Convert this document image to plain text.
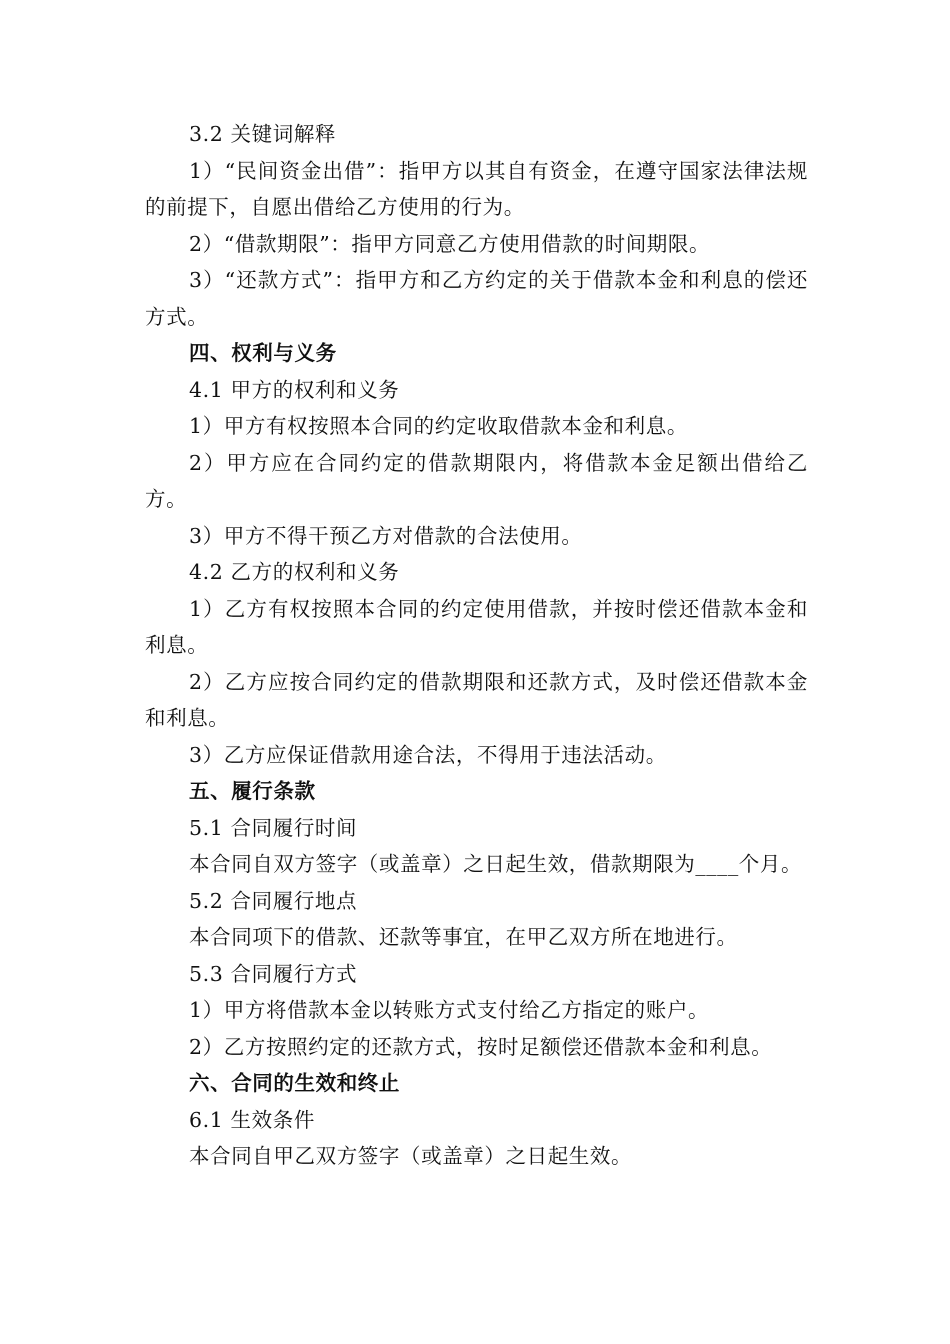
3.2 关键词解释

1）“民间资金出借”：指甲方以其自有资金，在遵守国家法律法规的前提下，自愿出借给乙方使用的行为。

2）“借款期限”：指甲方同意乙方使用借款的时间期限。

3）“还款方式”：指甲方和乙方约定的关于借款本金和利息的偿还方式。

四、权利与义务

4.1 甲方的权利和义务

1）甲方有权按照本合同的约定收取借款本金和利息。

2）甲方应在合同约定的借款期限内，将借款本金足额出借给乙方。

3）甲方不得干预乙方对借款的合法使用。

4.2 乙方的权利和义务

1）乙方有权按照本合同的约定使用借款，并按时偿还借款本金和利息。

2）乙方应按合同约定的借款期限和还款方式，及时偿还借款本金和利息。

3）乙方应保证借款用途合法，不得用于违法活动。

五、履行条款

5.1 合同履行时间

本合同自双方签字（或盖章）之日起生效，借款期限为____个月。

5.2 合同履行地点

本合同项下的借款、还款等事宜，在甲乙双方所在地进行。

5.3 合同履行方式

1）甲方将借款本金以转账方式支付给乙方指定的账户。

2）乙方按照约定的还款方式，按时足额偿还借款本金和利息。

六、合同的生效和终止

6.1 生效条件

本合同自甲乙双方签字（或盖章）之日起生效。
